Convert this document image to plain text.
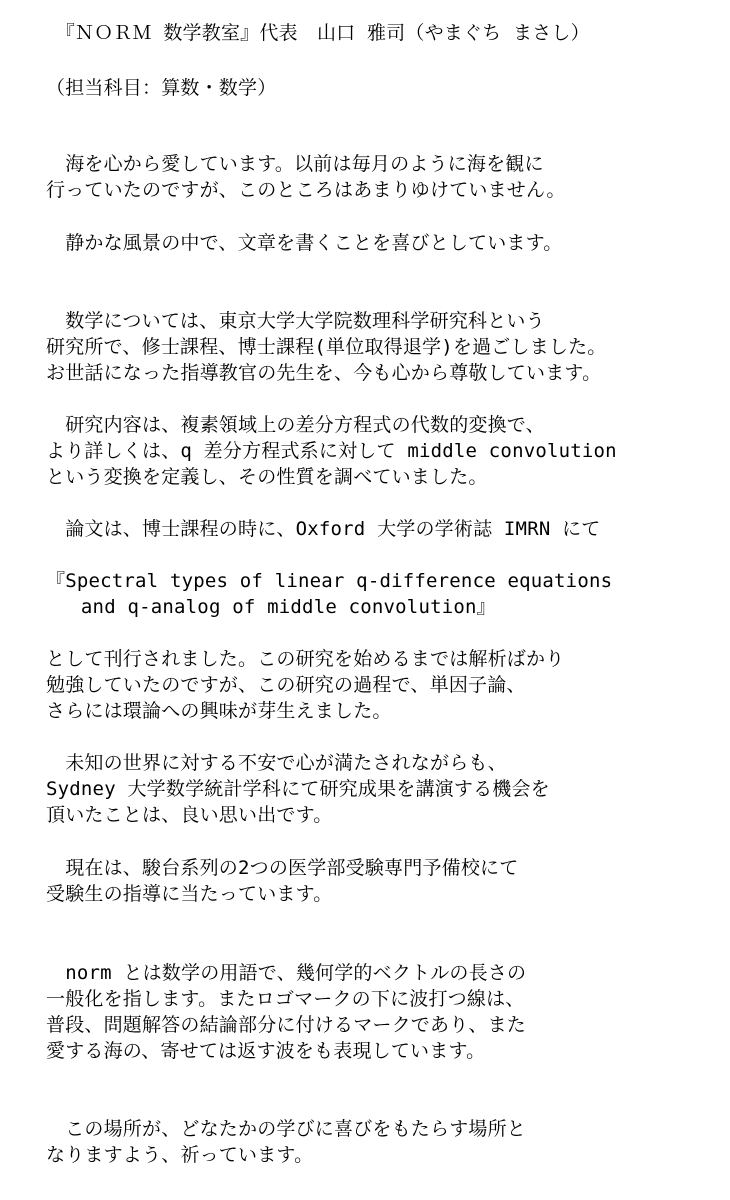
　『ＮＯＲＭ 数学教室』代表　山口 雅司（やまぐち まさし）
（担当科目：算数・数学）
　海を心から愛しています。以前は毎月のように海を観に
行っていたのですが、このところはあまりゆけていません。
　静かな風景の中で、文章を書くことを喜びとしています。
　数学については、東京大学大学院数理科学研究科という
研究所で、修士課程、博士課程(単位取得退学)を過ごしました。
お世話になった指導教官の先生を、今も心から尊敬しています。
　研究内容は、複素領域上の差分方程式の代数的変換で、
より詳しくは、q 差分方程式系に対して middle convolution
という変換を定義し、その性質を調べていました。
　論文は、博士課程の時に、Oxford 大学の学術誌 IMRN にて
『Spectral types of linear q-difference equations
and q-analog of middle convolution』
として刊行されました。この研究を始めるまでは解析ばかり
勉強していたのですが、この研究の過程で、単因子論、
さらには環論への興味が芽生えました。
　未知の世界に対する不安で心が満たされながらも、
Sydney 大学数学統計学科にて研究成果を講演する機会を
頂いたことは、良い思い出です。
　現在は、駿台系列の2つの医学部受験専門予備校にて
受験生の指導に当たっています。
　norm とは数学の用語で、幾何学的ベクトルの長さの
一般化を指します。またロゴマークの下に波打つ線は、
普段、問題解答の結論部分に付けるマークであり、また
愛する海の、寄せては返す波をも表現しています。
　この場所が、どなたかの学びに喜びをもたらす場所と
なりますよう、祈っています。
